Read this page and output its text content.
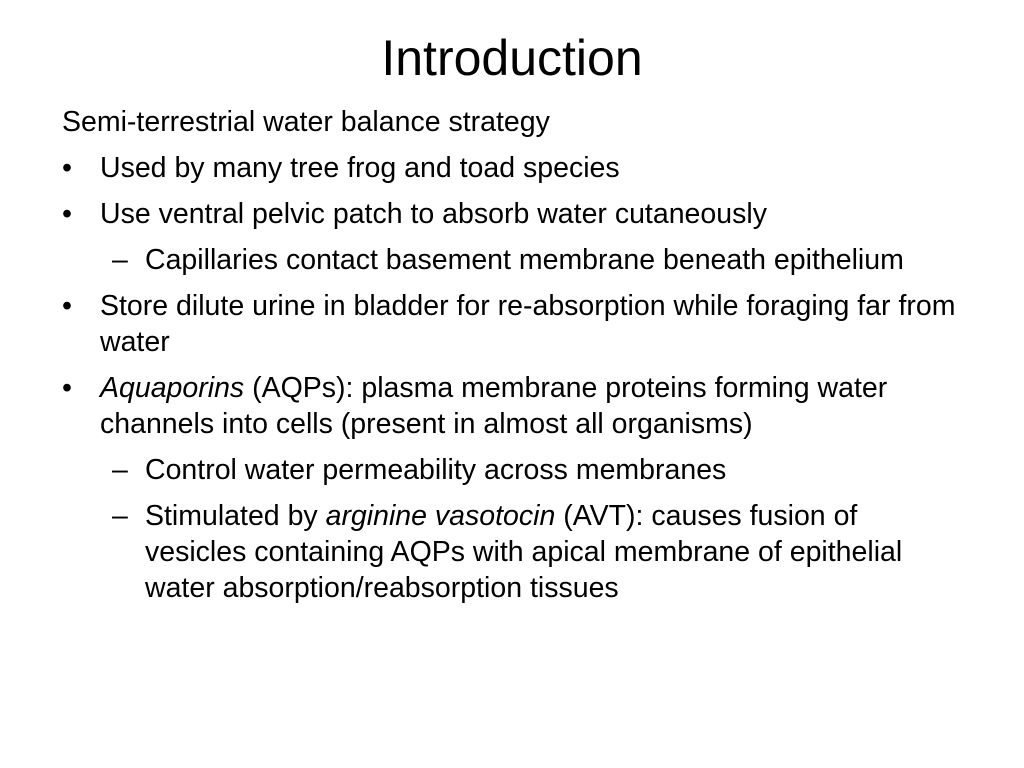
Introduction

Semi-terrestrial water balance strategy

• Used by many tree frog and toad species

• Use ventral pelvic patch to absorb water cutaneously

– Capillaries contact basement membrane beneath epithelium

• Store dilute urine in bladder for re-absorption while foraging far from water

• Aquaporins (AQPs): plasma membrane proteins forming water channels into cells (present in almost all organisms)

– Control water permeability across membranes

– Stimulated by arginine vasotocin (AVT): causes fusion of vesicles containing AQPs with apical membrane of epithelial water absorption/reabsorption tissues
